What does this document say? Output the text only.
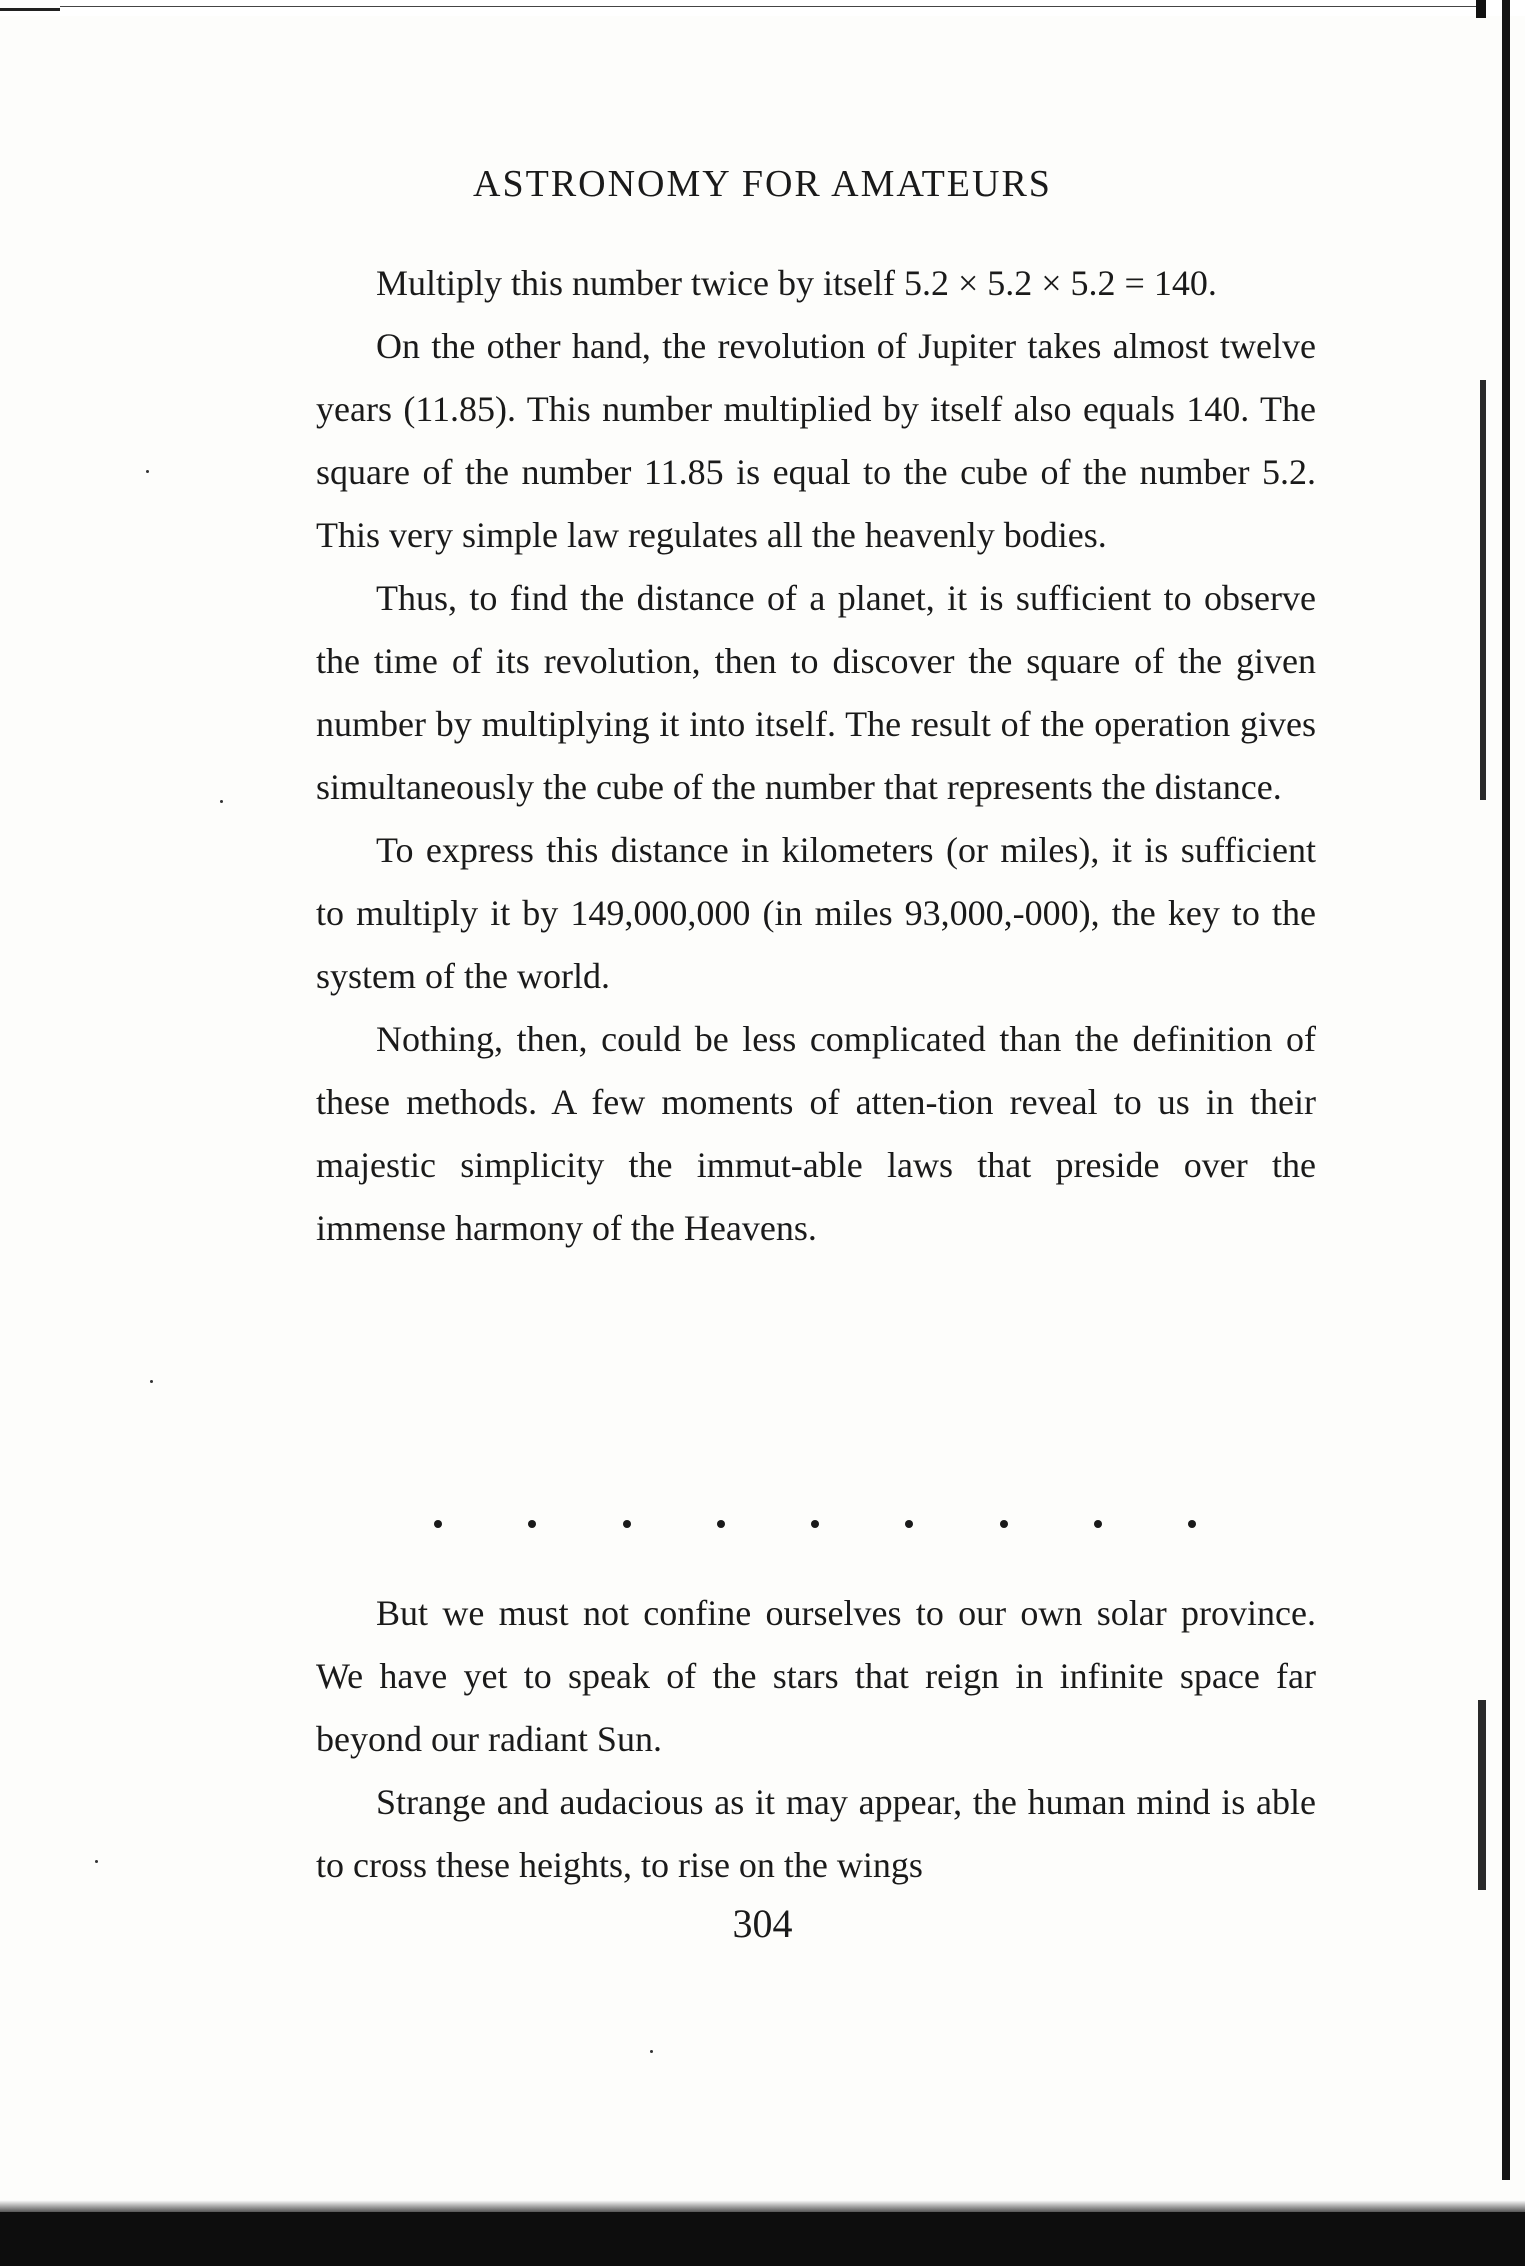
ASTRONOMY FOR AMATEURS

Multiply this number twice by itself 5.2 × 5.2 × 5.2 = 140.

On the other hand, the revolution of Jupiter takes almost twelve years (11.85). This number multiplied by itself also equals 140. The square of the number 11.85 is equal to the cube of the number 5.2. This very simple law regulates all the heavenly bodies.

Thus, to find the distance of a planet, it is sufficient to observe the time of its revolution, then to discover the square of the given number by multiplying it into itself. The result of the operation gives simultaneously the cube of the number that represents the distance.

To express this distance in kilometers (or miles), it is sufficient to multiply it by 149,000,000 (in miles 93,000,-000), the key to the system of the world.

Nothing, then, could be less complicated than the definition of these methods. A few moments of atten-tion reveal to us in their majestic simplicity the immut-able laws that preside over the immense harmony of the Heavens.

But we must not confine ourselves to our own solar province. We have yet to speak of the stars that reign in infinite space far beyond our radiant Sun.

Strange and audacious as it may appear, the human mind is able to cross these heights, to rise on the wings

304
